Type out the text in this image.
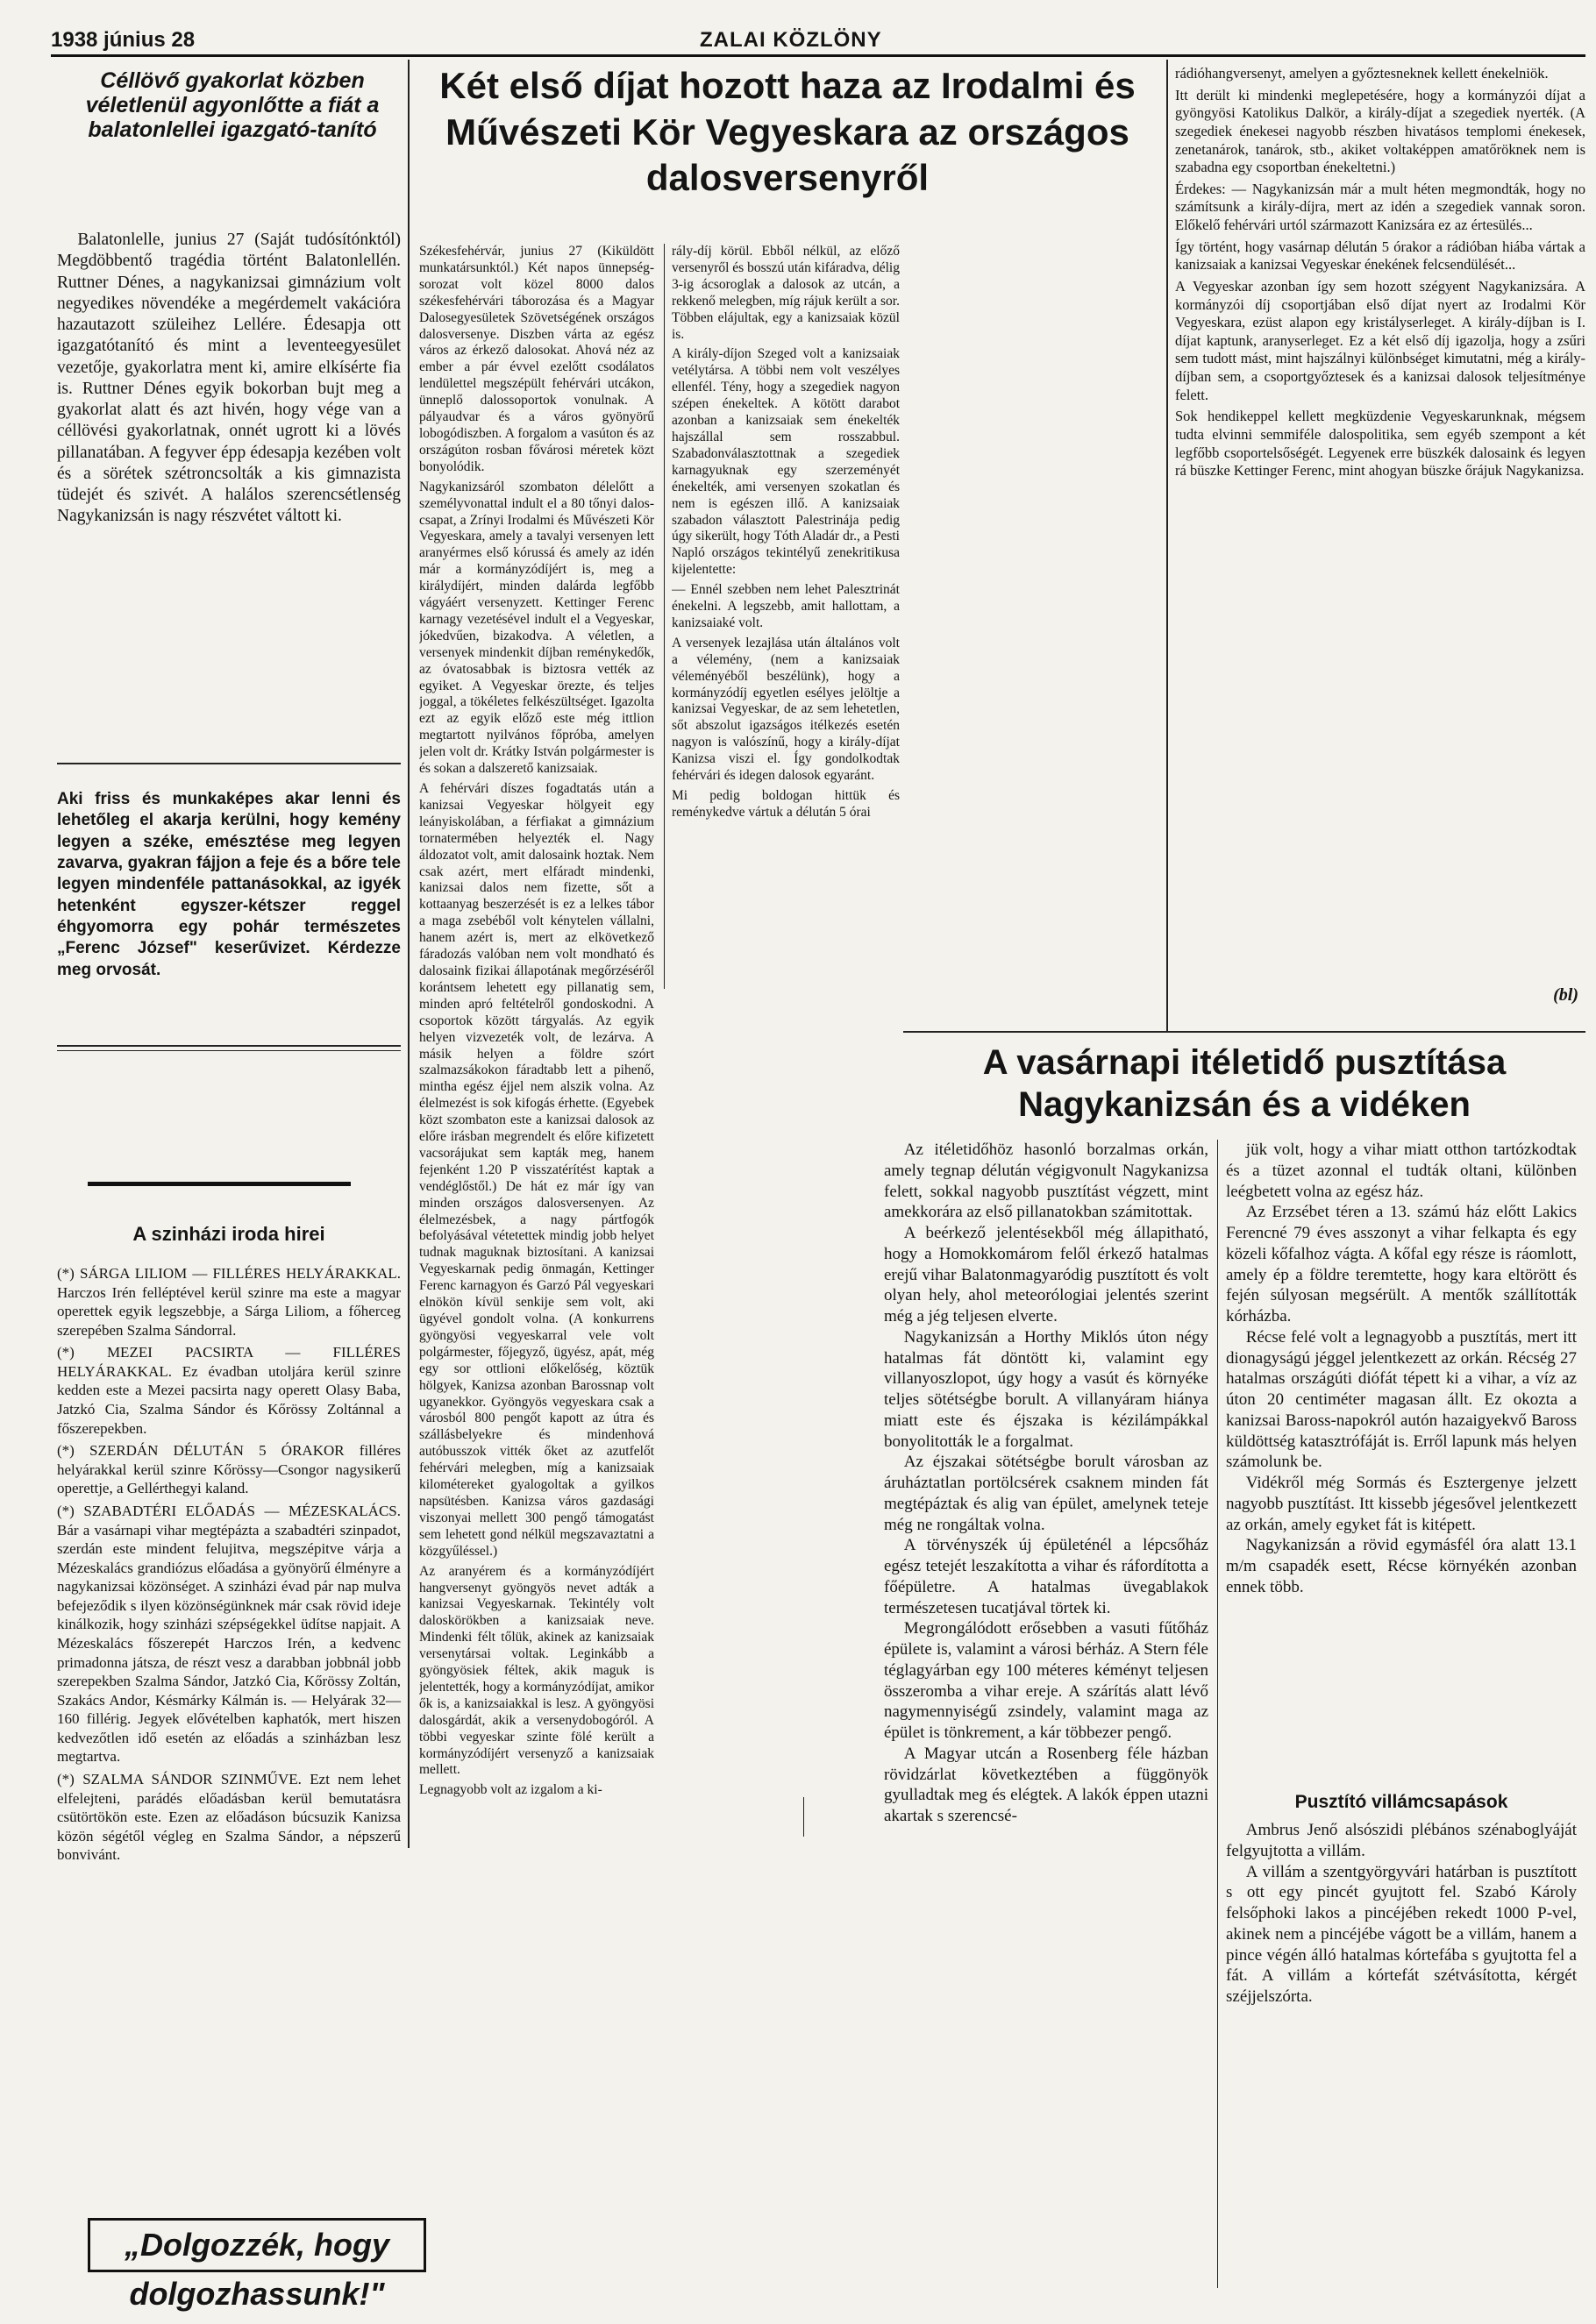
1938 június 28	ZALAI KÖZLÖNY
Céllövő gyakorlat közben véletlenül agyonlőtte a fiát a balatonlellei igazgató-tanító

Balatonlelle, junius 27 (Saját tudósítónktól) Megdöbbentő tragédia történt Balatonlellén. Ruttner Dénes, a nagykanizsai gimnázium volt negyedikes növendéke a megérdemelt vakációra hazautazott szüleihez Lellére. Édesapja ott igazgatótanító és mint a leventeegyesület vezetője, gyakorlatra ment ki, amire elkísérte fia is. Ruttner Dénes egyik bokorban bujt meg a gyakorlat alatt és azt hivén, hogy vége van a céllövési gyakorlatnak, onnét ugrott ki a lövés pillanatában. A fegyver épp édesapja kezében volt és a sörétek szétroncsolták a kis gimnazista tüdejét és szivét. A halálos szerencsétlenség Nagykanizsán is nagy részvétet váltott ki.

Aki friss és munkaképes akar lenni és lehetőleg el akarja kerülni, hogy kemény legyen a széke, emésztése meg legyen zavarva, gyakran fájjon a feje és a bőre tele legyen mindenféle pattanásokkal, az igyék hetenként egyszer-kétszer reggel éhgyomorra egy pohár természetes „Ferenc József" keserűvizet. Kérdezze meg orvosát.
A szinházi iroda hirei

(*) SÁRGA LILIOM — FILLÉRES HELYÁRAKKAL. Harczos Irén felléptével kerül szinre ma este a magyar operettek egyik legszebbje, a Sárga Liliom, a főherceg szerepében Szalma Sándorral.

(*) MEZEI PACSIRTA — FILLÉRES HELYÁRAKKAL. Ez évadban utoljára kerül szinre kedden este a Mezei pacsirta nagy operett Olasy Baba, Jatzkó Cia, Szalma Sándor és Kőrössy Zoltánnal a főszerepekben.

(*) SZERDÁN DÉLUTÁN 5 ÓRAKOR filléres helyárakkal kerül szinre Kőrössy—Csongor nagysikerű operettje, a Gellérthegyi kaland.

(*) SZABADTÉRI ELŐADÁS — MÉZESKALÁCS. Bár a vasárnapi vihar megtépázta a szabadtéri szinpadot, szerdán este mindent felujitva, megszépitve várja a Mézeskalács grandiózus előadása a gyönyörű élményre a nagykanizsai közönséget. A szinházi évad pár nap mulva befejeződik s ilyen közönségünknek már csak rövid ideje kinálkozik, hogy szinházi szépségekkel üdítse napjait. A Mézeskalács főszerepét Harczos Irén, a kedvenc primadonna játsza, de részt vesz a darabban jobbnál jobb szerepekben Szalma Sándor, Jatzkó Cia, Kőrössy Zoltán, Szakács Andor, Késmárky Kálmán is. — Helyárak 32—160 fillérig. Jegyek elővételben kaphatók, mert hiszen kedvezőtlen idő esetén az előadás a szinházban lesz megtartva.

(*) SZALMA SÁNDOR SZINMŰVE. Ezt nem lehet elfelejteni, parádés előadásban kerül bemutatásra csütörtökön este. Ezen az előadáson búcsuzik Kanizsa közön ségétől végleg en Szalma Sándor, a népszerű bonvivánt.

„Dolgozzék, hogy dolgozhassunk!"
Két első díjat hozott haza az Irodalmi és Művészeti Kör Vegyeskara az országos dalosversenyről

Székesfehérvár, junius 27 (Kiküldött munkatársunktól.) Két napos ünnepség-sorozat volt közel 8000 dalos székesfehérvári táborozása és a Magyar Dalosegyesületek Szövetségének országos dalosversenye. Diszben várta az egész város az érkező dalosokat. Ahová néz az ember a pár évvel ezelőtt csodálatos lendülettel megszépült fehérvári utcákon, ünneplő dalossoportok vonulnak. A pályaudvar és a város gyönyörű lobogódiszben. A forgalom a vasúton és az országúton rosban fővárosi méretek közt bonyolódik.

Nagykanizsáról szombaton délelőtt a személyvonattal indult el a 80 tőnyi dalos-csapat, a Zrínyi Irodalmi és Művészeti Kör Vegyeskara, amely a tavalyi versenyen lett aranyérmes első kórussá és amely az idén már a kormányzódíjért is, meg a királydíjért, minden dalárda legfőbb vágyáért versenyzett. Kettinger Ferenc karnagy vezetésével indult el a Vegyeskar, jókedvűen, bizakodva. A véletlen, a versenyek mindenkit díjban reménykedők, az óvatosabbak is biztosra vették az egyiket. A Vegyeskar örezte, és teljes joggal, a tökéletes felkészültséget. Igazolta ezt az egyik előző este még ittlion megtartott nyilvános főpróba, amelyen jelen volt dr. Krátky István polgármester is és sokan a dalszerető kanizsaiak.

A fehérvári díszes fogadtatás után a kanizsai Vegyeskar hölgyeit egy leányiskolában, a férfiakat a gimnázium tornatermében helyezték el. Nagy áldozatot volt, amit dalosaink hoztak. Nem csak azért, mert elfáradt mindenki, kanizsai dalos nem fizette, sőt a kottaanyag beszerzését is ez a lelkes tábor a maga zsebéből volt kénytelen vállalni, hanem azért is, mert az elkövetkező fáradozás valóban nem volt mondható és dalosaink fizikai állapotának megőrzéséről korántsem lehetett egy pillanatig sem, minden apró feltételről gondoskodni. A csoportok között tárgyalás. Az egyik helyen vizvezeték volt, de lezárva. A másik helyen a földre szórt szalmazsákokon fáradtabb lett a pihenő, mintha egész éjjel nem alszik volna. Az élelmezést is sok kifogás érhette. (Egyebek közt szombaton este a kanizsai dalosok az előre irásban megrendelt és előre kifizetett vacsorájukat sem kapták meg, hanem fejenként 1.20 P visszatérítést kaptak a vendéglőstől.) De hát ez már így van minden országos dalosversenyen. Az élelmezésbek, a nagy pártfogók befolyásával vétetettek mindig jobb helyet tudnak maguknak biztosítani. A kanizsai Vegyeskarnak pedig önmagán, Kettinger Ferenc karnagyon és Garzó Pál vegyeskari elnökön kívül senkije sem volt, aki ügyével gondolt volna. (A konkurrens gyöngyösi vegyeskarral vele volt polgármester, főjegyző, ügyész, apát, még egy sor ottlioni előkelőség, köztük hölgyek, Kanizsa azonban Barossnap volt ugyanekkor. Gyöngyös vegyeskara csak a városból 800 pengőt kapott az útra és szállásbelyekre és mindenhová autóbusszok vitték őket az azutfelőt fehérvári melegben, míg a kanizsaiak kilométereket gyalogoltak a gyilkos napsütésben. Kanizsa város gazdasági viszonyai mellett 300 pengő támogatást sem lehetett gond nélkül megszavaztatni a közgyűléssel.)

Az aranyérem és a kormányzódíjért hangversenyt gyöngyös nevet adták a kanizsai Vegyeskarnak. Tekintély volt daloskörökben a kanizsaiak neve. Mindenki félt tőlük, akinek az kanizsaiak versenytársai voltak. Leginkább a gyöngyösiek féltek, akik maguk is jelentették, hogy a kormányzódíjat, amikor ők is, a kanizsaiakkal is lesz. A gyöngyösi dalosgárdát, akik a versenydobogóról. A többi vegyeskar szinte fölé került a kormányzódíjért versenyző a kanizsaiak mellett.

Legnagyobb volt az izgalom a ki-

rály-díj körül. Ebből nélkül, az előző versenyről és bosszú után kifáradva, délig 3-ig ácsoroglak a dalosok az utcán, a rekkenő melegben, míg rájuk került a sor. Többen elájultak, egy a kanizsaiak közül is.

A király-díjon Szeged volt a kanizsaiak vetélytársa. A többi nem volt veszélyes ellenfél. Tény, hogy a szegediek nagyon szépen énekeltek. A kötött darabot azonban a kanizsaiak sem énekelték hajszállal sem rosszabbul. Szabadonválasztottnak a szegediek karnagyuknak egy szerzeményét énekelték, ami versenyen szokatlan és nem is egészen illő. A kanizsaiak szabadon választott Palestrinája pedig úgy sikerült, hogy Tóth Aladár dr., a Pesti Napló országos tekintélyű zenekritikusa kijelentette:

— Ennél szebben nem lehet Palesztrinát énekelni. A legszebb, amit hallottam, a kanizsaiaké volt.

A versenyek lezajlása után általános volt a vélemény, (nem a kanizsaiak véleményéből beszélünk), hogy a kormányzódíj egyetlen esélyes jelöltje a kanizsai Vegyeskar, de az sem lehetetlen, sőt abszolut igazságos itélkezés esetén nagyon is valószínű, hogy a király-díjat Kanizsa viszi el. Így gondolkodtak fehérvári és idegen dalosok egyaránt.

Mi pedig boldogan hittük és reménykedve vártuk a délután 5 órai

rádióhangversenyt, amelyen a győztesneknek kellett énekelniök.

Itt derült ki mindenki meglepetésére, hogy a kormányzói díjat a gyöngyösi Katolikus Dalkör, a király-díjat a szegediek nyerték. (A szegediek énekesei nagyobb részben hivatásos templomi énekesek, zenetanárok, tanárok, stb., akiket voltaképpen amatőröknek nem is szabadna egy csoportban énekeltetni.)

Érdekes: — Nagykanizsán már a mult héten megmondták, hogy no számítsunk a király-díjra, mert az idén a szegediek vannak soron. Előkelő fehérvári urtól származott Kanizsára ez az értesülés...

Így történt, hogy vasárnap délután 5 órakor a rádióban hiába vártak a kanizsaiak a kanizsai Vegyeskar énekének felcsendülését...

A Vegyeskar azonban így sem hozott szégyent Nagykanizsára. A kormányzói díj csoportjában első díjat nyert az Irodalmi Kör Vegyeskara, ezüst alapon egy kristályserleget. A király-díjban is I. díjat kaptunk, aranyserleget. Ez a két első díj igazolja, hogy a zsűri sem tudott mást, mint hajszálnyi különbséget kimutatni, még a király-díjban sem, a csoportgyőztesek és a kanizsai dalosok teljesítménye felett.

Sok hendikeppel kellett megküzdenie Vegyeskarunknak, mégsem tudta elvinni semmiféle dalospolitika, sem egyéb szempont a két legfőbb csoportelsőségét. Legyenek erre büszkék dalosaink és legyen rá büszke Kettinger Ferenc, mint ahogyan büszke őrájuk Nagykanizsa.

(bl)
A vasárnapi itéletidő pusztítása
Nagykanizsán és a vidéken

Az itéletidőhöz hasonló borzalmas orkán, amely tegnap délután végigvonult Nagykanizsa felett, sokkal nagyobb pusztítást végzett, mint amekkorára az első pillanatokban számitottak.

A beérkező jelentésekből még állapitható, hogy a Homokkomárom felől érkező hatalmas erejű vihar Balatonmagyaródig pusztított és volt olyan hely, ahol meteorólogiai jelentés szerint még a jég teljesen elverte.

Nagykanizsán a Horthy Miklós úton négy hatalmas fát döntött ki, valamint egy villanyoszlopot, úgy hogy a vasút és környéke teljes sötétségbe borult. A villanyáram hiánya miatt este és éjszaka is kézilámpákkal bonyolitották le a forgalmat.

Az éjszakai sötétségbe borult városban az áruháztatlan portölcsérek csaknem minden fát megtépáztak és alig van épület, amelynek teteje még ne rongáltak volna.

A törvényszék új épületénél a lépcsőház egész tetejét leszakította a vihar és ráfordította a főépületre. A hatalmas üvegablakok természetesen tucatjával törtek ki.

Megrongálódott erősebben a vasuti fűtőház épülete is, valamint a városi bérház. A Stern féle téglagyárban egy 100 méteres kéményt teljesen összeromba a vihar ereje. A szárítás alatt lévő nagymennyiségű zsindely, valamint maga az épület is tönkrement, a kár többezer pengő.

A Magyar utcán a Rosenberg féle házban rövidzárlat következtében a függönyök gyulladtak meg és elégtek. A lakók éppen utazni akartak s szerencsé-

jük volt, hogy a vihar miatt otthon tartózkodtak és a tüzet azonnal el tudták oltani, különben leégbetett volna az egész ház.

Az Erzsébet téren a 13. számú ház előtt Lakics Ferencné 79 éves asszonyt a vihar felkapta és egy közeli kőfalhoz vágta. A kőfal egy része is ráomlott, amely ép a földre teremtette, hogy kara eltörött és fején súlyosan megsérült. A mentők szállították kórházba.

Récse felé volt a legnagyobb a pusztítás, mert itt dionagyságú jéggel jelentkezett az orkán. Récség 27 hatalmas országúti diófát tépett ki a vihar, a víz az úton 20 centiméter magasan állt. Ez okozta a kanizsai Baross-napokról autón hazaigyekvő Baross küldöttség katasztrófáját is. Erről lapunk más helyen számolunk be.

Vidékről még Sormás és Esztergenye jelzett nagyobb pusztítást. Itt kissebb jégesővel jelentkezett az orkán, amely egyket fát is kitépett.

Nagykanizsán a rövid egymásfél óra alatt 13.1 m/m csapadék esett, Récse környékén azonban ennek több.

Pusztító villámcsapások

Ambrus Jenő alsószidi plébános szénaboglyáját felgyujtotta a villám.

A villám a szentgyörgyvári határban is pusztított s ott egy pincét gyujtott fel. Szabó Károly felsőphoki lakos a pincéjében rekedt 1000 P-vel, akinek nem a pincéjébe vágott be a villám, hanem a pince végén álló hatalmas kórtefába s gyujtotta fel a fát. A villám a kórtefát szétvásította, kérgét széjjelszórta.
